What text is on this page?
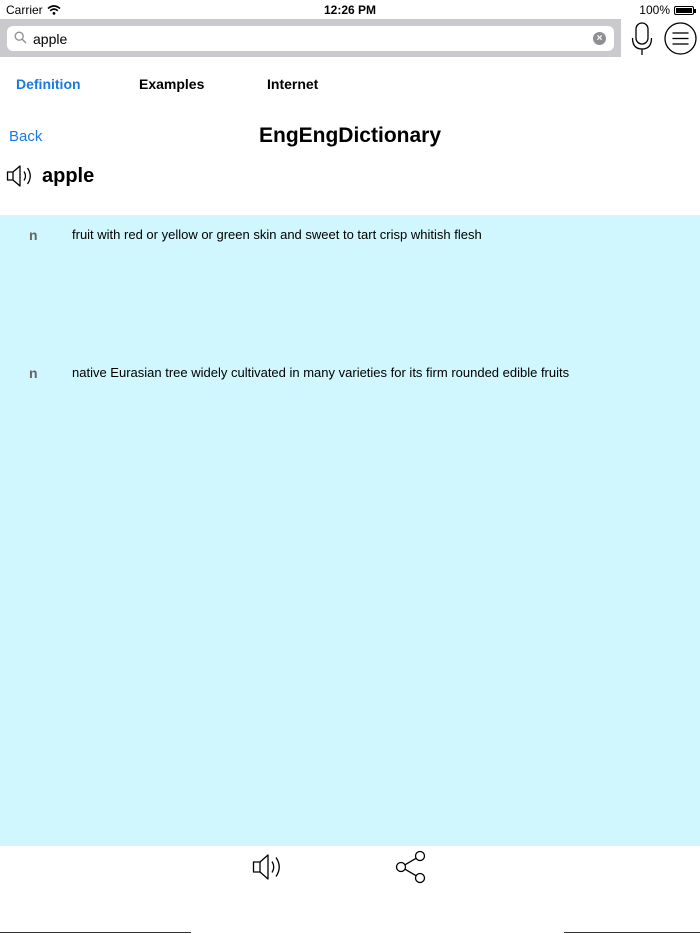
Carrier	12:26 PM	100%
apple
×
Definition	Examples	Internet
Back	EngEngDictionary
apple
n	fruit with red or yellow or green skin and sweet to tart crisp whitish flesh
n	native Eurasian tree widely cultivated in many varieties for its firm rounded edible fruits
